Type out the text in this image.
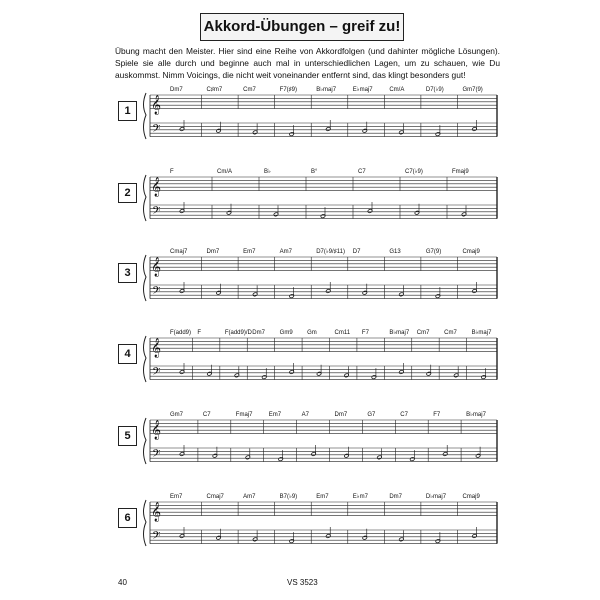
Akkord-Übungen – greif zu!

Übung macht den Meister. Hier sind eine Reihe von Akkordfolgen (und dahinter mögliche Lösungen). Spiele sie alle durch und beginne auch mal in unterschiedlichen Lagen, um zu schauen, wie Du auskommst. Nimm Voicings, die nicht weit voneinander entfernt sind, das klingt besonders gut!

𝄞
𝄢
Dm7	C♯m7	Cm7	F7(♯9)	B♭maj7	E♭maj7	Cm/A	D7(♭9)	Gm7(9)
1
𝄞
𝄢
F	Cm/A	B♭	B°	C7	C7(♭9)	Fmaj9
2
𝄞
𝄢
Cmaj7	Dm7	Em7	Am7	D7(♭9/♯11) D7	G13	G7(9)	Cmaj9
3
𝄞
𝄢
F(add9) F	F(add9)/D Dm7 Gm9 Gm	Cm11 F7	B♭maj7 Cm7 Cm7 B♭maj7
4
𝄞
𝄢
Gm7	C7	Fmaj7	Em7	A7	Dm7	G7	C7	F7	B♭maj7
5
𝄞
𝄢
Em7	Cmaj7	Am7	B7(♭9)	Em7	E♭m7	Dm7	D♭maj7	Cmaj9
6
40	VS 3523
